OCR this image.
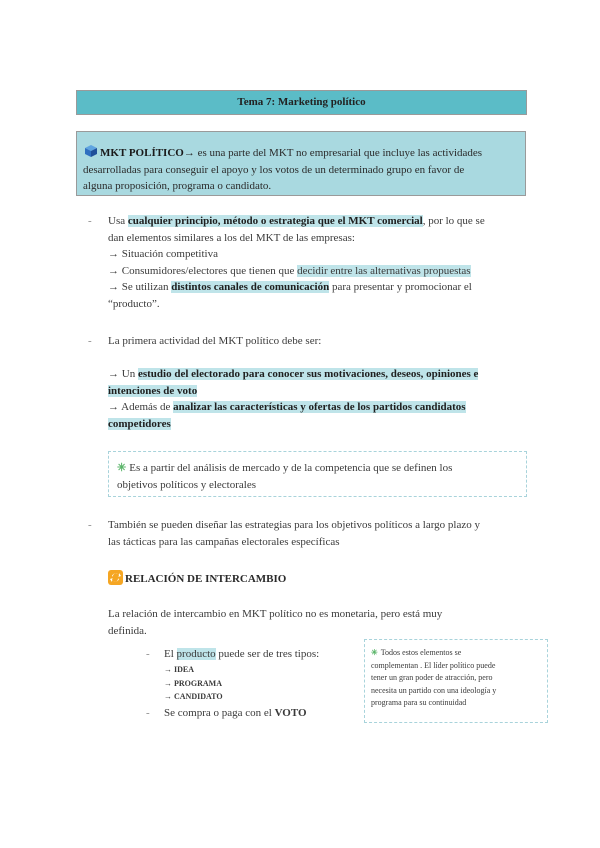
Tema 7: Marketing político
MKT POLÍTICO→ es una parte del MKT no empresarial que incluye las actividades
desarrolladas para conseguir el apoyo y los votos de un determinado grupo en favor de
alguna proposición, programa o candidato.
- Usa cualquier principio, método o estrategia que el MKT comercial, por lo que se
dan elementos similares a los del MKT de las empresas:
→ Situación competitiva
→ Consumidores/electores que tienen que decidir entre las alternativas propuestas
→ Se utilizan distintos canales de comunicación para presentar y promocionar el
“producto”.
- La primera actividad del MKT político debe ser:
→ Un estudio del electorado para conocer sus motivaciones, deseos, opiniones e
intenciones de voto
→ Además de analizar las características y ofertas de los partidos candidatos
competidores
✳ Es a partir del análisis de mercado y de la competencia que se definen los
objetivos políticos y electorales
- También se pueden diseñar las estrategias para los objetivos políticos a largo plazo y
las tácticas para las campañas electorales específicas
RELACIÓN DE INTERCAMBIO
La relación de intercambio en MKT político no es monetaria, pero está muy
definida.
- El producto puede ser de tres tipos:
→ IDEA
→ PROGRAMA
→ CANDIDATO
- Se compra o paga con el VOTO
✳ Todos estos elementos se
complementan . El líder político puede
tener un gran poder de atracción, pero
necesita un partido con una ideología y
programa para su continuidad
